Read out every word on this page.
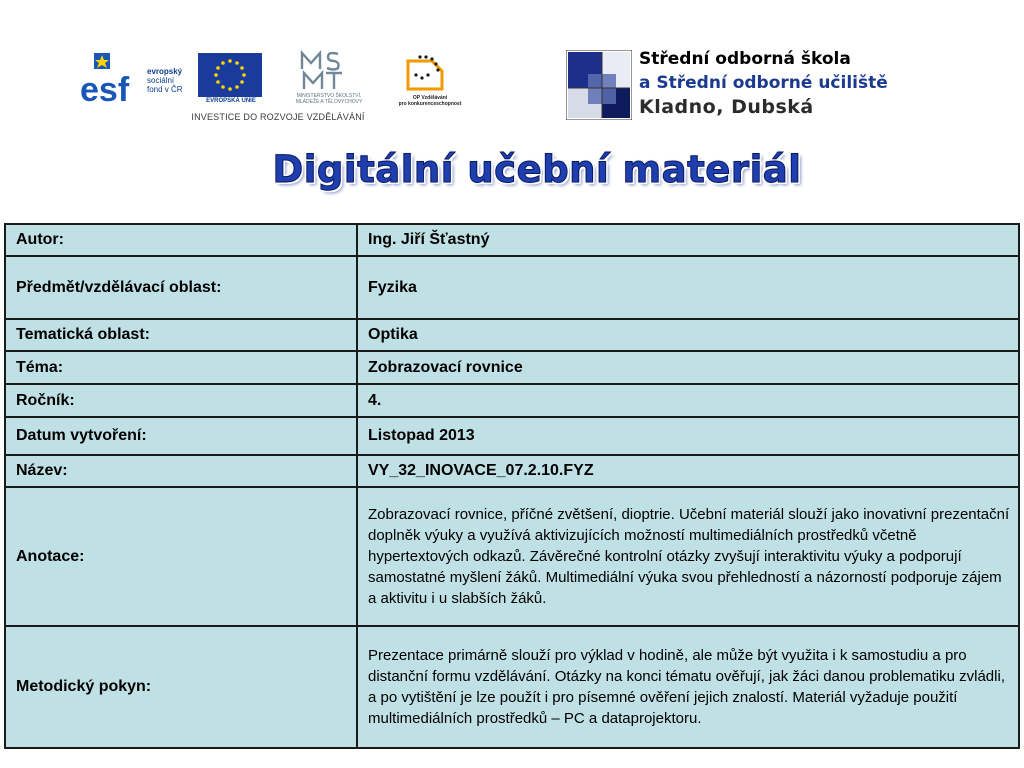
esf evropský
sociální
fond v ČR
EVROPSKÁ UNIE
MINISTERSTVO ŠKOLSTVÍ,
MLÁDEŽE A TĚLOVÝCHOVY
OP Vzdělávání
pro konkurenceschopnost
INVESTICE DO ROZVOJE VZDĚLÁVÁNÍ
Střední odborná škola
a Střední odborné učiliště
Kladno, Dubská
Digitální učební materiál
Autor:	Ing. Jiří Šťastný
Předmět/vzdělávací oblast:	Fyzika
Tematická oblast:	Optika
Téma:	Zobrazovací rovnice
Ročník:	4.
Datum vytvoření:	Listopad 2013
Název:	VY_32_INOVACE_07.2.10.FYZ
Anotace:	Zobrazovací rovnice, příčné zvětšení, dioptrie. Učební materiál slouží jako inovativní prezentační doplněk výuky a využívá aktivizujících možností multimediálních prostředků včetně hypertextových odkazů. Závěrečné kontrolní otázky zvyšují interaktivitu výuky a podporují samostatné myšlení žáků. Multimediální výuka svou přehledností a názorností podporuje zájem a aktivitu i u slabších žáků.
Metodický pokyn:	Prezentace primárně slouží pro výklad v hodině, ale může být využita i k samostudiu a pro distanční formu vzdělávání. Otázky na konci tématu ověřují, jak žáci danou problematiku zvládli, a po vytištění je lze použít i pro písemné ověření jejich znalostí. Materiál vyžaduje použití multimediálních prostředků – PC a dataprojektoru.
